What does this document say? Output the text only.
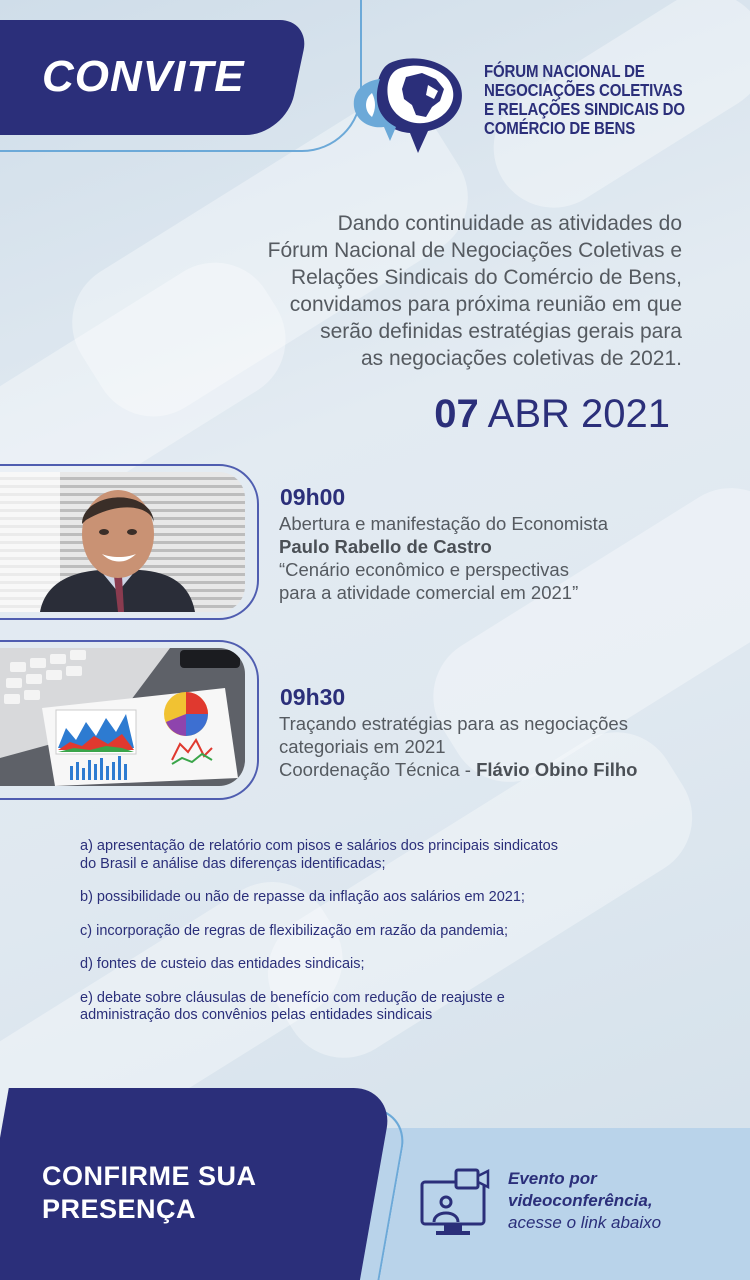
CONVITE	FÓRUM NACIONAL DE
NEGOCIAÇÕES COLETIVAS
E RELAÇÕES SINDICAIS DO
COMÉRCIO DE BENS
Dando continuidade as atividades do
Fórum Nacional de Negociações Coletivas e
Relações Sindicais do Comércio de Bens,
convidamos para próxima reunião em que
serão definidas estratégias gerais para
as negociações coletivas de 2021.
07 ABR 2021
09h00
Abertura e manifestação do Economista
Paulo Rabello de Castro
“Cenário econômico e perspectivas
para a atividade comercial em 2021”
09h30
Traçando estratégias para as negociações
categoriais em 2021
Coordenação Técnica - Flávio Obino Filho

a) apresentação de relatório com pisos e salários dos principais sindicatos
do Brasil e análise das diferenças identificadas;

b) possibilidade ou não de repasse da inflação aos salários em 2021;

c) incorporação de regras de flexibilização em razão da pandemia;

d) fontes de custeio das entidades sindicais;

e) debate sobre cláusulas de benefício com redução de reajuste e
administração dos convênios pelas entidades sindicais

CONFIRME SUA
PRESENÇA
Evento por
videoconferência,
acesse o link abaixo
